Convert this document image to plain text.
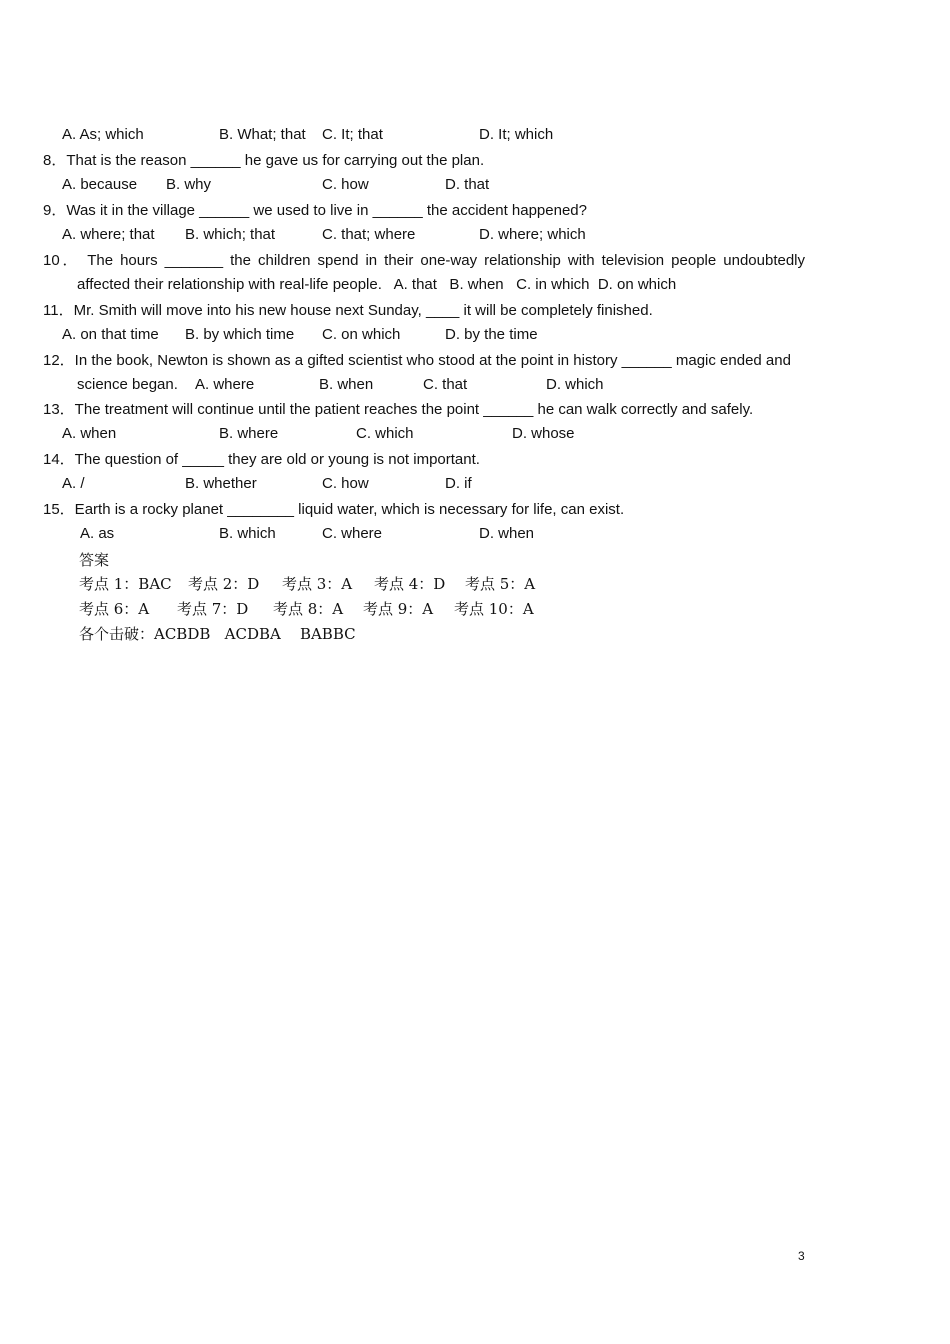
A. As; which	B. What; that C. It; that	D. It; which
8．That is the reason ______ he gave us for carrying out the plan.
A. because B. why	C. how	D. that
9．Was it in the village ______ we used to live in ______ the accident happened?
A. where; that B. which; that	C. that; where	D. where; which
10． The hours _______ the children spend in their one-way relationship with television people undoubtedly
affected their relationship with real-life people.   A. that   B. when   C. in which  D. on which
11．Mr. Smith will move into his new house next Sunday, ____ it will be completely finished.
A. on that time B. by which time C. on which	D. by the time
12．In the book, Newton is shown as a gifted scientist who stood at the point in history ______ magic ended and
science began. A. where	B. when	C. that	D. which
13．The treatment will continue until the patient reaches the point ______ he can walk correctly and safely.
A. when	B. where	C. which	D. whose
14．The question of _____ they are old or young is not important.
A. /	B. whether	C. how	D. if
15．Earth is a rocky planet ________ liquid water, which is necessary for life, can exist.
A. as	B. which	C. where	D. when
答案
考点 1：BAC 考点 2：D 考点 3：A 考点 4：D 考点 5：A
考点 6：A 考点 7：D 考点 8：A 考点 9：A 考点 10：A
各个击破：ACBDB   ACDBA    BABBC
3
